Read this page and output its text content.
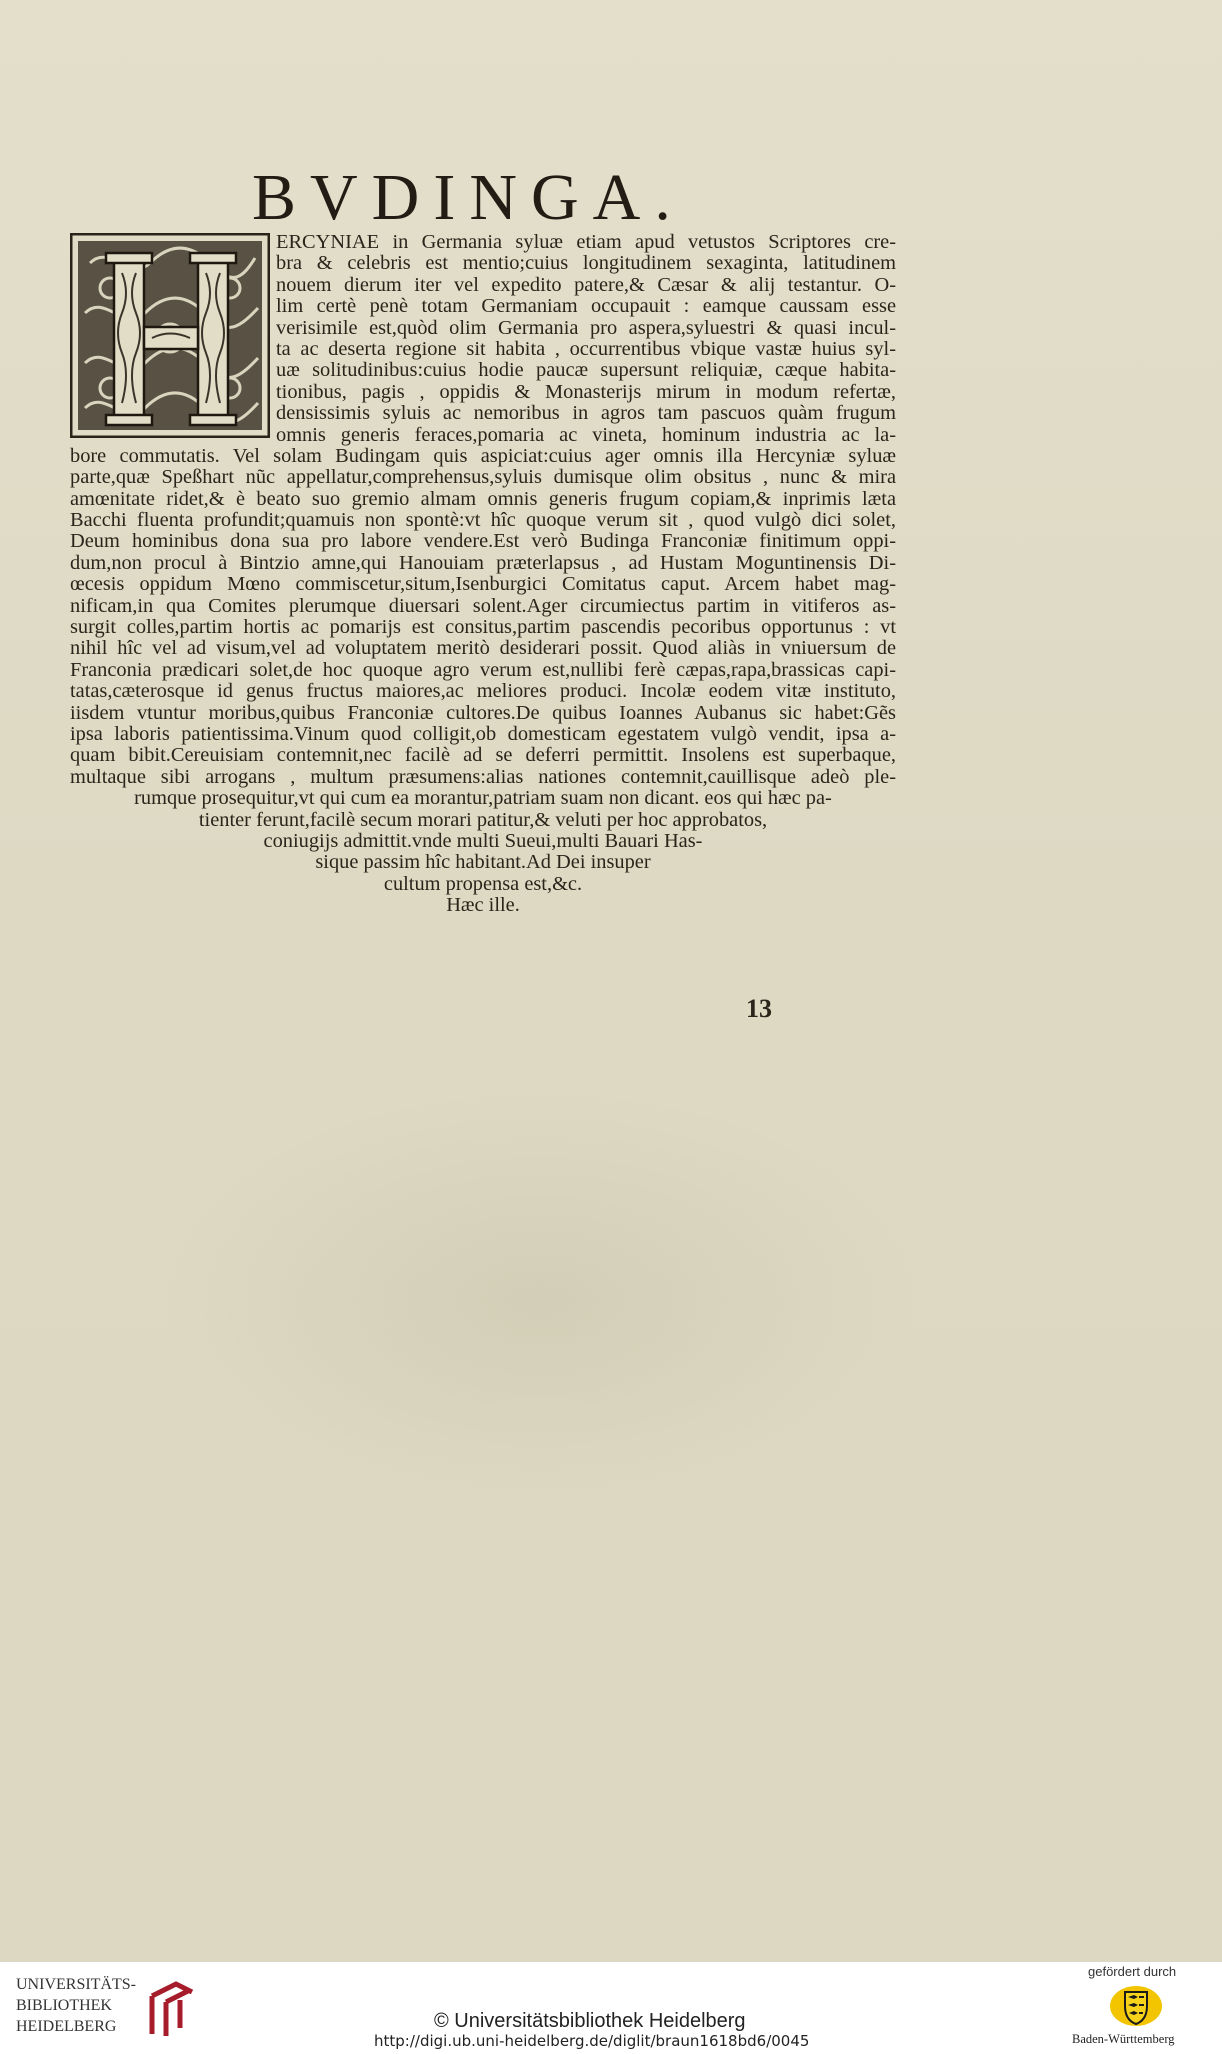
BVDINGA.
ERCYNIAE in Germania syluæ etiam apud vetustos Scriptores cre-
bra & celebris est mentio;cuius longitudinem sexaginta, latitudinem
nouem dierum iter vel expedito patere,& Cæsar & alij testantur. O-
lim certè penè totam Germaniam occupauit : eamque caussam esse
verisimile est,quòd olim Germania pro aspera,syluestri & quasi incul-
ta ac deserta regione sit habita , occurrentibus vbique vastæ huius syl-
uæ solitudinibus:cuius hodie paucæ supersunt reliquiæ, cæque habita-
tionibus, pagis , oppidis & Monasterijs mirum in modum refertæ,
densissimis syluis ac nemoribus in agros tam pascuos quàm frugum
omnis generis feraces,pomaria ac vineta, hominum industria ac la-
bore commutatis. Vel solam Budingam quis aspiciat:cuius ager omnis illa Hercyniæ syluæ
parte,quæ Speßhart nũc appellatur,comprehensus,syluis dumisque olim obsitus , nunc & mira
amœnitate ridet,& è beato suo gremio almam omnis generis frugum copiam,& inprimis læta
Bacchi fluenta profundit;quamuis non spontè:vt hîc quoque verum sit , quod vulgò dici solet,
Deum hominibus dona sua pro labore vendere.Est verò Budinga Franconiæ finitimum oppi-
dum,non procul à Bintzio amne,qui Hanouiam præterlapsus , ad Hustam Moguntinensis Di-
œcesis oppidum Mœno commiscetur,situm,Isenburgici Comitatus caput. Arcem habet mag-
nificam,in qua Comites plerumque diuersari solent.Ager circumiectus partim in vitiferos as-
surgit colles,partim hortis ac pomarijs est consitus,partim pascendis pecoribus opportunus : vt
nihil hîc vel ad visum,vel ad voluptatem meritò desiderari possit. Quod aliàs in vniuersum de
Franconia prædicari solet,de hoc quoque agro verum est,nullibi ferè cæpas,rapa,brassicas capi-
tatas,cæterosque id genus fructus maiores,ac meliores produci. Incolæ eodem vitæ instituto,
iisdem vtuntur moribus,quibus Franconiæ cultores.De quibus Ioannes Aubanus sic habet:Gẽs
ipsa laboris patientissima.Vinum quod colligit,ob domesticam egestatem vulgò vendit, ipsa a-
quam bibit.Cereuisiam contemnit,nec facilè ad se deferri permittit. Insolens est superbaque,
multaque sibi arrogans , multum præsumens:alias nationes contemnit,cauillisque adeò ple-
rumque prosequitur,vt qui cum ea morantur,patriam suam non dicant. eos qui hæc pa-
tienter ferunt,facilè secum morari patitur,& veluti per hoc approbatos,
coniugijs admittit.vnde multi Sueui,multi Bauari Has-
sique passim hîc habitant.Ad Dei insuper
cultum propensa est,&c.
Hæc ille.
13
UNIVERSITÄTS-
BIBLIOTHEK
HEIDELBERG	© Universitätsbibliothek Heidelberg
http://digi.ub.uni-heidelberg.de/diglit/braun1618bd6/0045
gefördert durch
Baden-Württemberg
